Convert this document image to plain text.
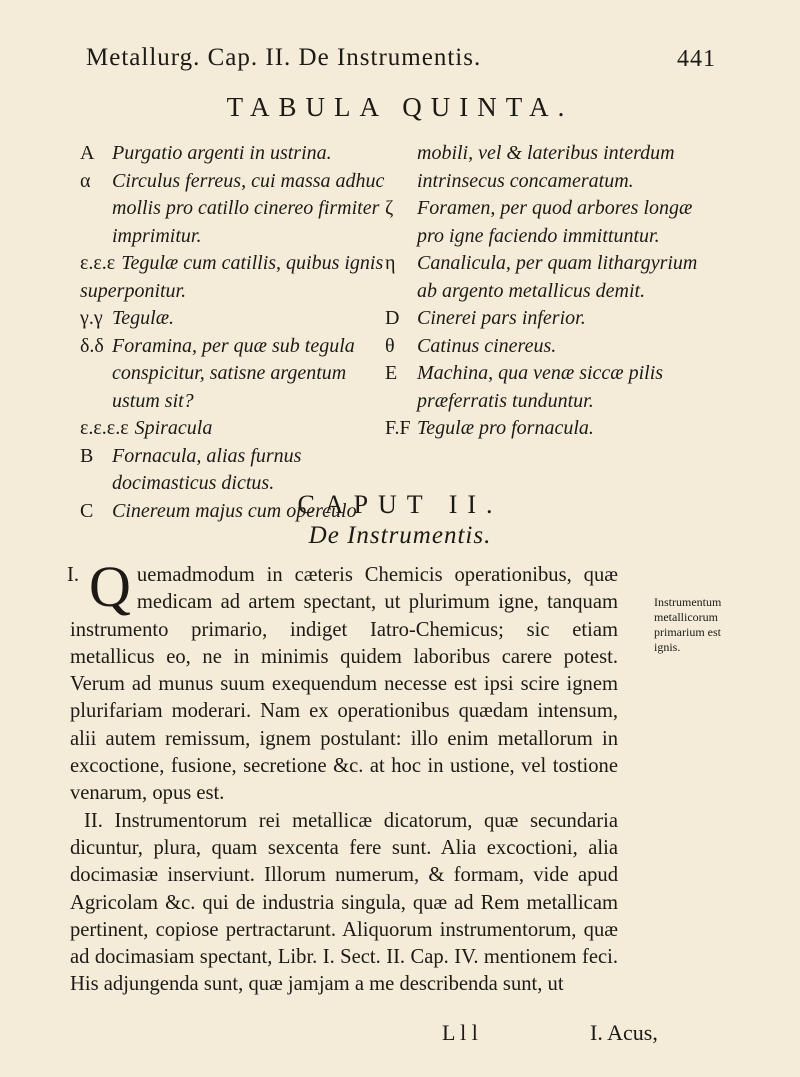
Metallurg. Cap. II. De Instrumentis.	441
TABULA QUINTA.
A Purgatio argenti in ustrina.
α	Circulus ferreus, cui massa adhuc mollis pro catillo cinereo firmiter imprimitur.
ε.ε.ε Tegulæ cum catillis, quibus ignis superponitur.
γ.γ Tegulæ.
δ.δ Foramina, per quæ sub tegula conspicitur, satisne argentum ustum sit?
ε.ε.ε.ε Spiracula
B Fornacula, alias furnus docimasticus dictus.
C Cinereum majus cum operculo
mobili, vel & lateribus interdum intrinsecus concameratum.
ζ	Foramen, per quod arbores longæ pro igne faciendo immittuntur.
η	Canalicula, per quam lithargyrium ab argento metallicus demit.
D Cinerei pars inferior.
θ	Catinus cinereus.
E Machina, qua venæ siccæ pilis præferratis tunduntur.
F.F Tegulæ pro fornacula.
CAPUT II.
De Instrumentis.

I. Q uemadmodum in cæteris Chemicis operationibus, quæ medicam ad artem spectant, ut plurimum igne, tanquam instrumento primario, indiget Iatro-Chemicus; sic etiam metallicus eo, ne in minimis quidem laboribus carere potest. Verum ad munus suum exequendum necesse est ipsi scire ignem plurifariam moderari. Nam ex operationibus quædam intensum, alii autem remissum, ignem postulant: illo enim metallorum in excoctione, fusione, secretione &c. at hoc in ustione, vel tostione venarum, opus est.

II. Instrumentorum rei metallicæ dicatorum, quæ secundaria dicuntur, plura, quam sexcenta fere sunt. Alia excoctioni, alia docimasiæ inserviunt. Illorum numerum, & formam, vide apud Agricolam &c. qui de industria singula, quæ ad Rem metallicam pertinent, copiose pertractarunt. Aliquorum instrumentorum, quæ ad docimasiam spectant, Libr. I. Sect. II. Cap. IV. mentionem feci. His adjungenda sunt, quæ jamjam a me describenda sunt, ut

Instrumentum metallicorum primarium est ignis.
L l l	I. Acus,
